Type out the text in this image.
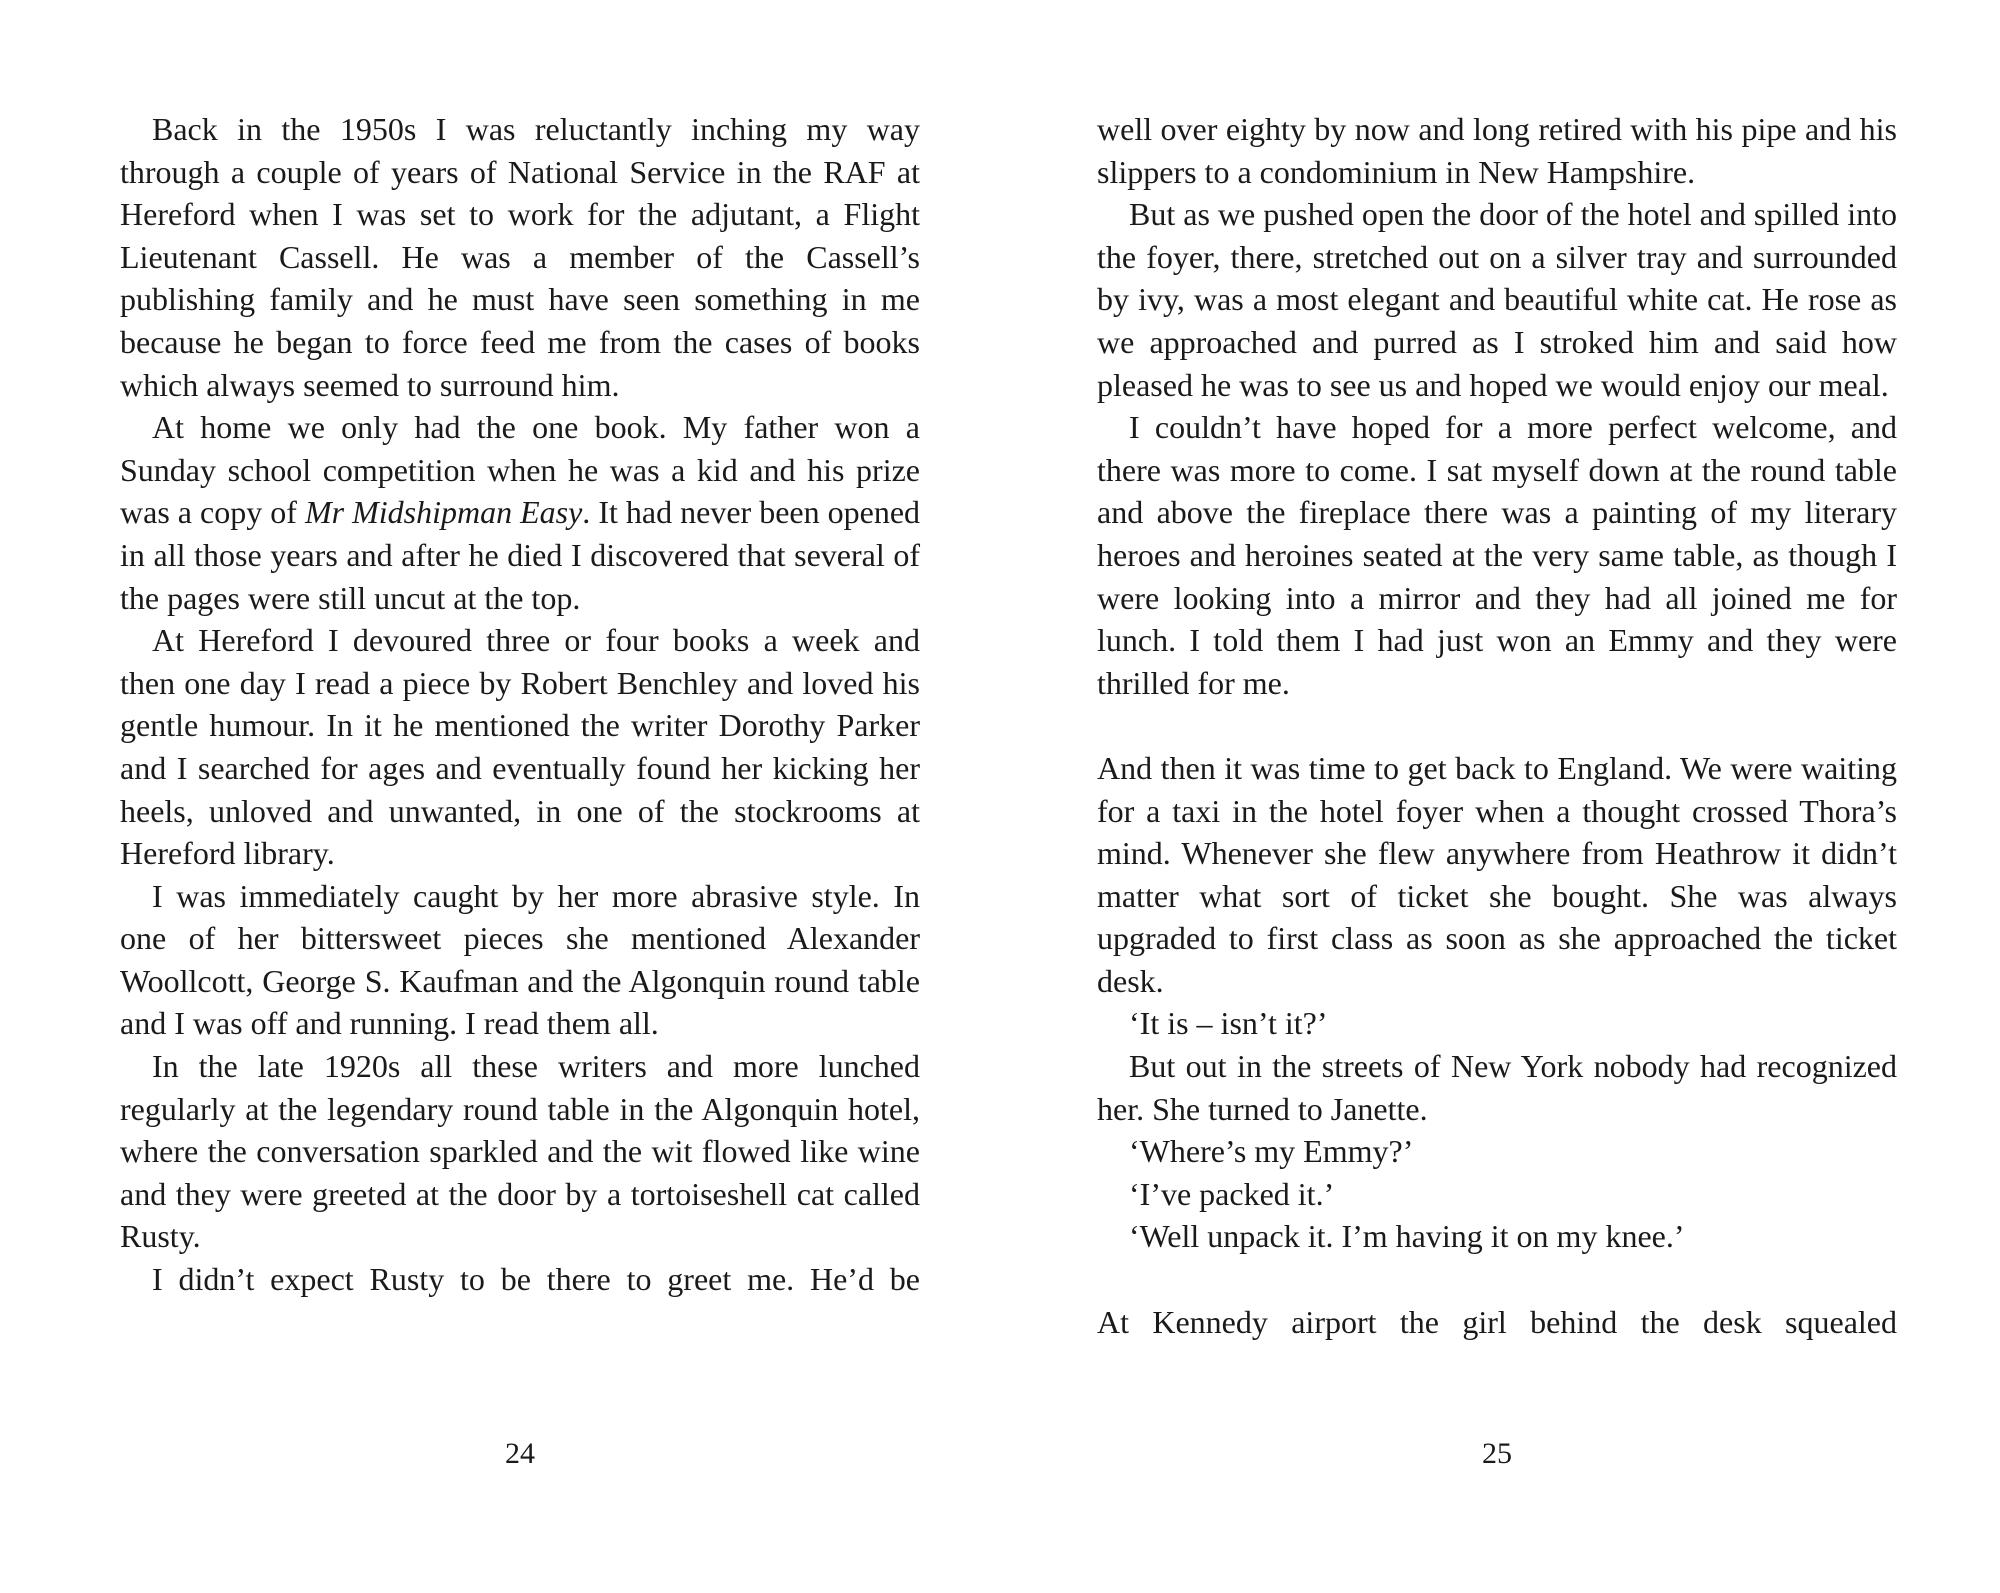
Back in the 1950s I was reluctantly inching my way through a couple of years of National Service in the RAF at Hereford when I was set to work for the adjutant, a Flight Lieutenant Cassell. He was a member of the Cassell’s publishing family and he must have seen something in me because he began to force feed me from the cases of books which always seemed to surround him.

At home we only had the one book. My father won a Sunday school competition when he was a kid and his prize was a copy of Mr Midshipman Easy. It had never been opened in all those years and after he died I discovered that several of the pages were still uncut at the top.

At Hereford I devoured three or four books a week and then one day I read a piece by Robert Benchley and loved his gentle humour. In it he mentioned the writer Dorothy Parker and I searched for ages and eventually found her kicking her heels, unloved and unwanted, in one of the stockrooms at Hereford library.

I was immediately caught by her more abrasive style. In one of her bittersweet pieces she mentioned Alexander Woollcott, George S. Kaufman and the Algonquin round table and I was off and running. I read them all.

In the late 1920s all these writers and more lunched regularly at the legendary round table in the Algonquin hotel, where the conversation sparkled and the wit flowed like wine and they were greeted at the door by a tortoiseshell cat called Rusty.

I didn’t expect Rusty to be there to greet me. He’d be

24

well over eighty by now and long retired with his pipe and his slippers to a condominium in New Hampshire.

But as we pushed open the door of the hotel and spilled into the foyer, there, stretched out on a silver tray and surrounded by ivy, was a most elegant and beautiful white cat. He rose as we approached and purred as I stroked him and said how pleased he was to see us and hoped we would enjoy our meal.

I couldn’t have hoped for a more perfect welcome, and there was more to come. I sat myself down at the round table and above the fireplace there was a painting of my literary heroes and heroines seated at the very same table, as though I were looking into a mirror and they had all joined me for lunch. I told them I had just won an Emmy and they were thrilled for me.

And then it was time to get back to England. We were waiting for a taxi in the hotel foyer when a thought crossed Thora’s mind. Whenever she flew anywhere from Heathrow it didn’t matter what sort of ticket she bought. She was always upgraded to first class as soon as she approached the ticket desk.

‘It is – isn’t it?’

But out in the streets of New York nobody had recognized her. She turned to Janette.

‘Where’s my Emmy?’

‘I’ve packed it.’

‘Well unpack it. I’m having it on my knee.’

At Kennedy airport the girl behind the desk squealed

25
